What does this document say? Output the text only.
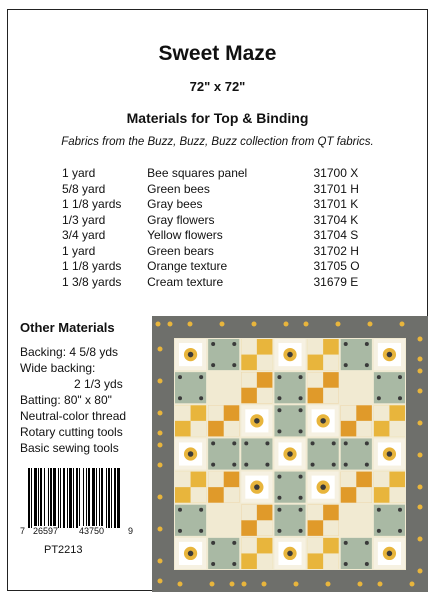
Sweet Maze
72" x 72"
Materials for Top & Binding
Fabrics from the Buzz, Buzz, Buzz collection from QT fabrics.
1 yard	Bee squares panel	31700 X
5/8 yard	Green bees	31701 H
1 1/8 yards	Gray bees	31701 K
1/3 yard	Gray flowers	31704 K
3/4 yard	Yellow flowers	31704 S
1 yard	Green bears	31702 H
1 1/8 yards	Orange texture	31705 O
1 3/8 yards	Cream texture	31679 E
Other Materials
Backing: 4 5/8 yds
Wide backing:
2 1/3 yds
Batting: 80" x 80"
Neutral-color thread
Rotary cutting tools
Basic sewing tools
7 26597 43750	9
PT2213
